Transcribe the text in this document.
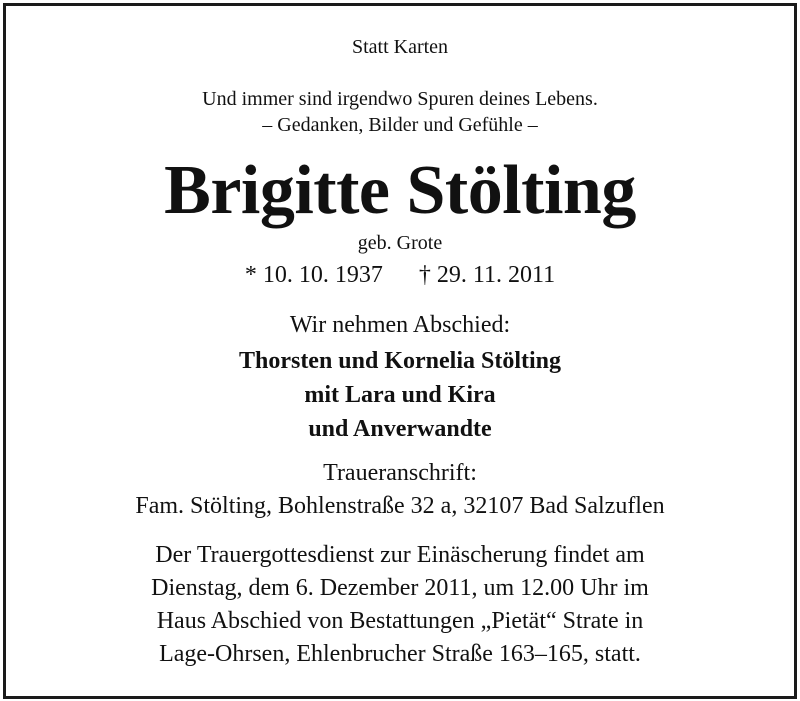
Statt Karten
Und immer sind irgendwo Spuren deines Lebens.
– Gedanken, Bilder und Gefühle –
Brigitte Stölting
geb. Grote
* 10. 10. 1937 † 29. 11. 2011
Wir nehmen Abschied:
Thorsten und Kornelia Stölting
mit Lara und Kira
und Anverwandte
Traueranschrift:
Fam. Stölting, Bohlenstraße 32 a, 32107 Bad Salzuflen
Der Trauergottesdienst zur Einäscherung findet am
Dienstag, dem 6. Dezember 2011, um 12.00 Uhr im
Haus Abschied von Bestattungen „Pietät“ Strate in
Lage-Ohrsen, Ehlenbrucher Straße 163–165, statt.
